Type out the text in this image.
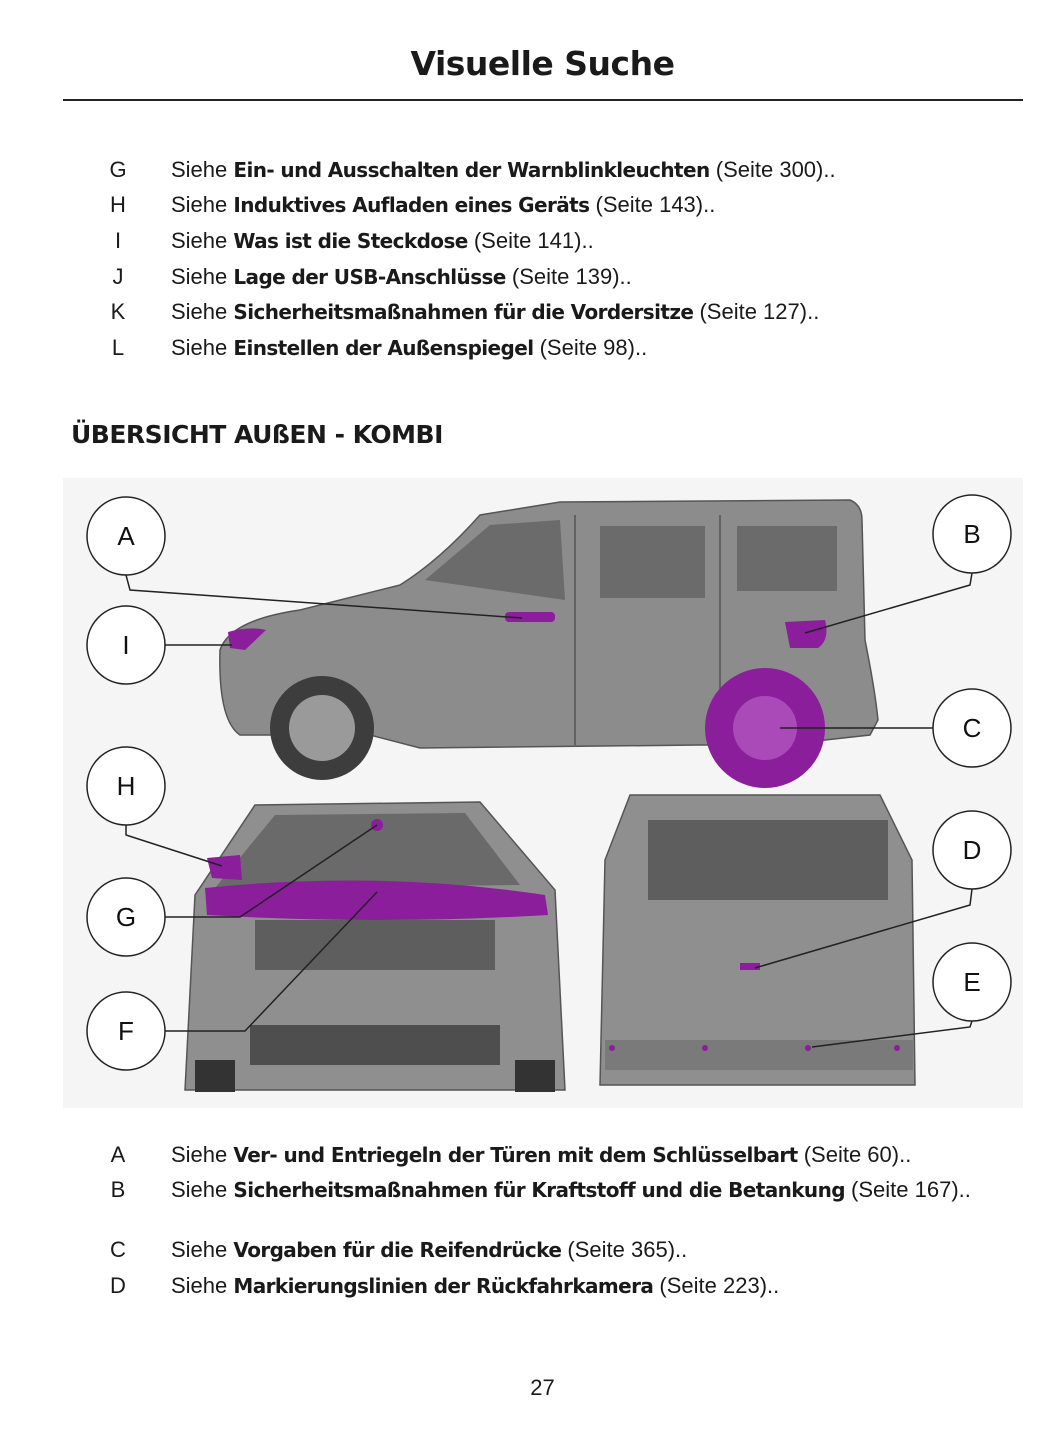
Visuelle Suche
G Siehe Ein- und Ausschalten der Warnblinkleuchten (Seite 300)..
H Siehe Induktives Aufladen eines Geräts (Seite 143)..
I	Siehe Was ist die Steckdose (Seite 141)..
J Siehe Lage der USB-Anschlüsse (Seite 139)..
K Siehe Sicherheitsmaßnahmen für die Vordersitze (Seite 127)..
L Siehe Einstellen der Außenspiegel (Seite 98)..
ÜBERSICHT AUßEN - KOMBI
A
I
H
G
F
B
C
D
E
A Siehe Ver- und Entriegeln der Türen mit dem Schlüsselbart (Seite 60)..
B Siehe Sicherheitsmaßnahmen für Kraftstoff und die Betankung (Seite 167)..
C Siehe Vorgaben für die Reifendrücke (Seite 365)..
D Siehe Markierungslinien der Rückfahrkamera (Seite 223)..
27
